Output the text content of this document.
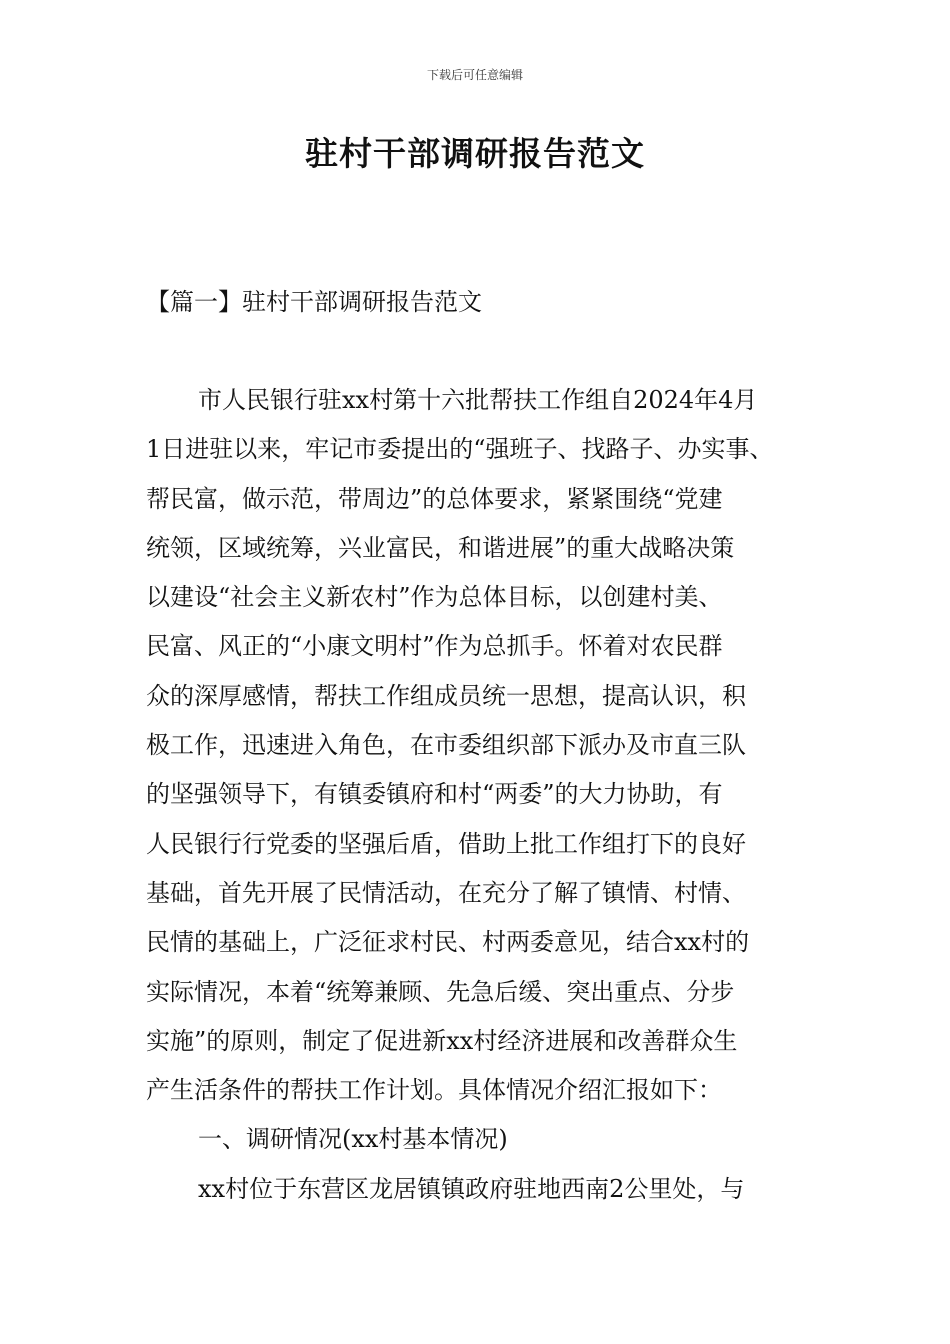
下载后可任意编辑
驻村干部调研报告范文
【篇一】驻村干部调研报告范文
市人民银行驻xx村第十六批帮扶工作组自2024年4月
1日进驻以来，牢记市委提出的“强班子、找路子、办实事、
帮民富，做示范，带周边”的总体要求，紧紧围绕“党建
统领，区域统筹，兴业富民，和谐进展”的重大战略决策
以建设“社会主义新农村”作为总体目标，以创建村美、
民富、风正的“小康文明村”作为总抓手。怀着对农民群
众的深厚感情，帮扶工作组成员统一思想，提高认识，积
极工作，迅速进入角色，在市委组织部下派办及市直三队
的坚强领导下，有镇委镇府和村“两委”的大力协助，有
人民银行行党委的坚强后盾，借助上批工作组打下的良好
基础，首先开展了民情活动，在充分了解了镇情、村情、
民情的基础上，广泛征求村民、村两委意见，结合xx村的
实际情况，本着“统筹兼顾、先急后缓、突出重点、分步
实施”的原则，制定了促进新xx村经济进展和改善群众生
产生活条件的帮扶工作计划。具体情况介绍汇报如下：
一、调研情况(xx村基本情况)
xx村位于东营区龙居镇镇政府驻地西南2公里处，与
